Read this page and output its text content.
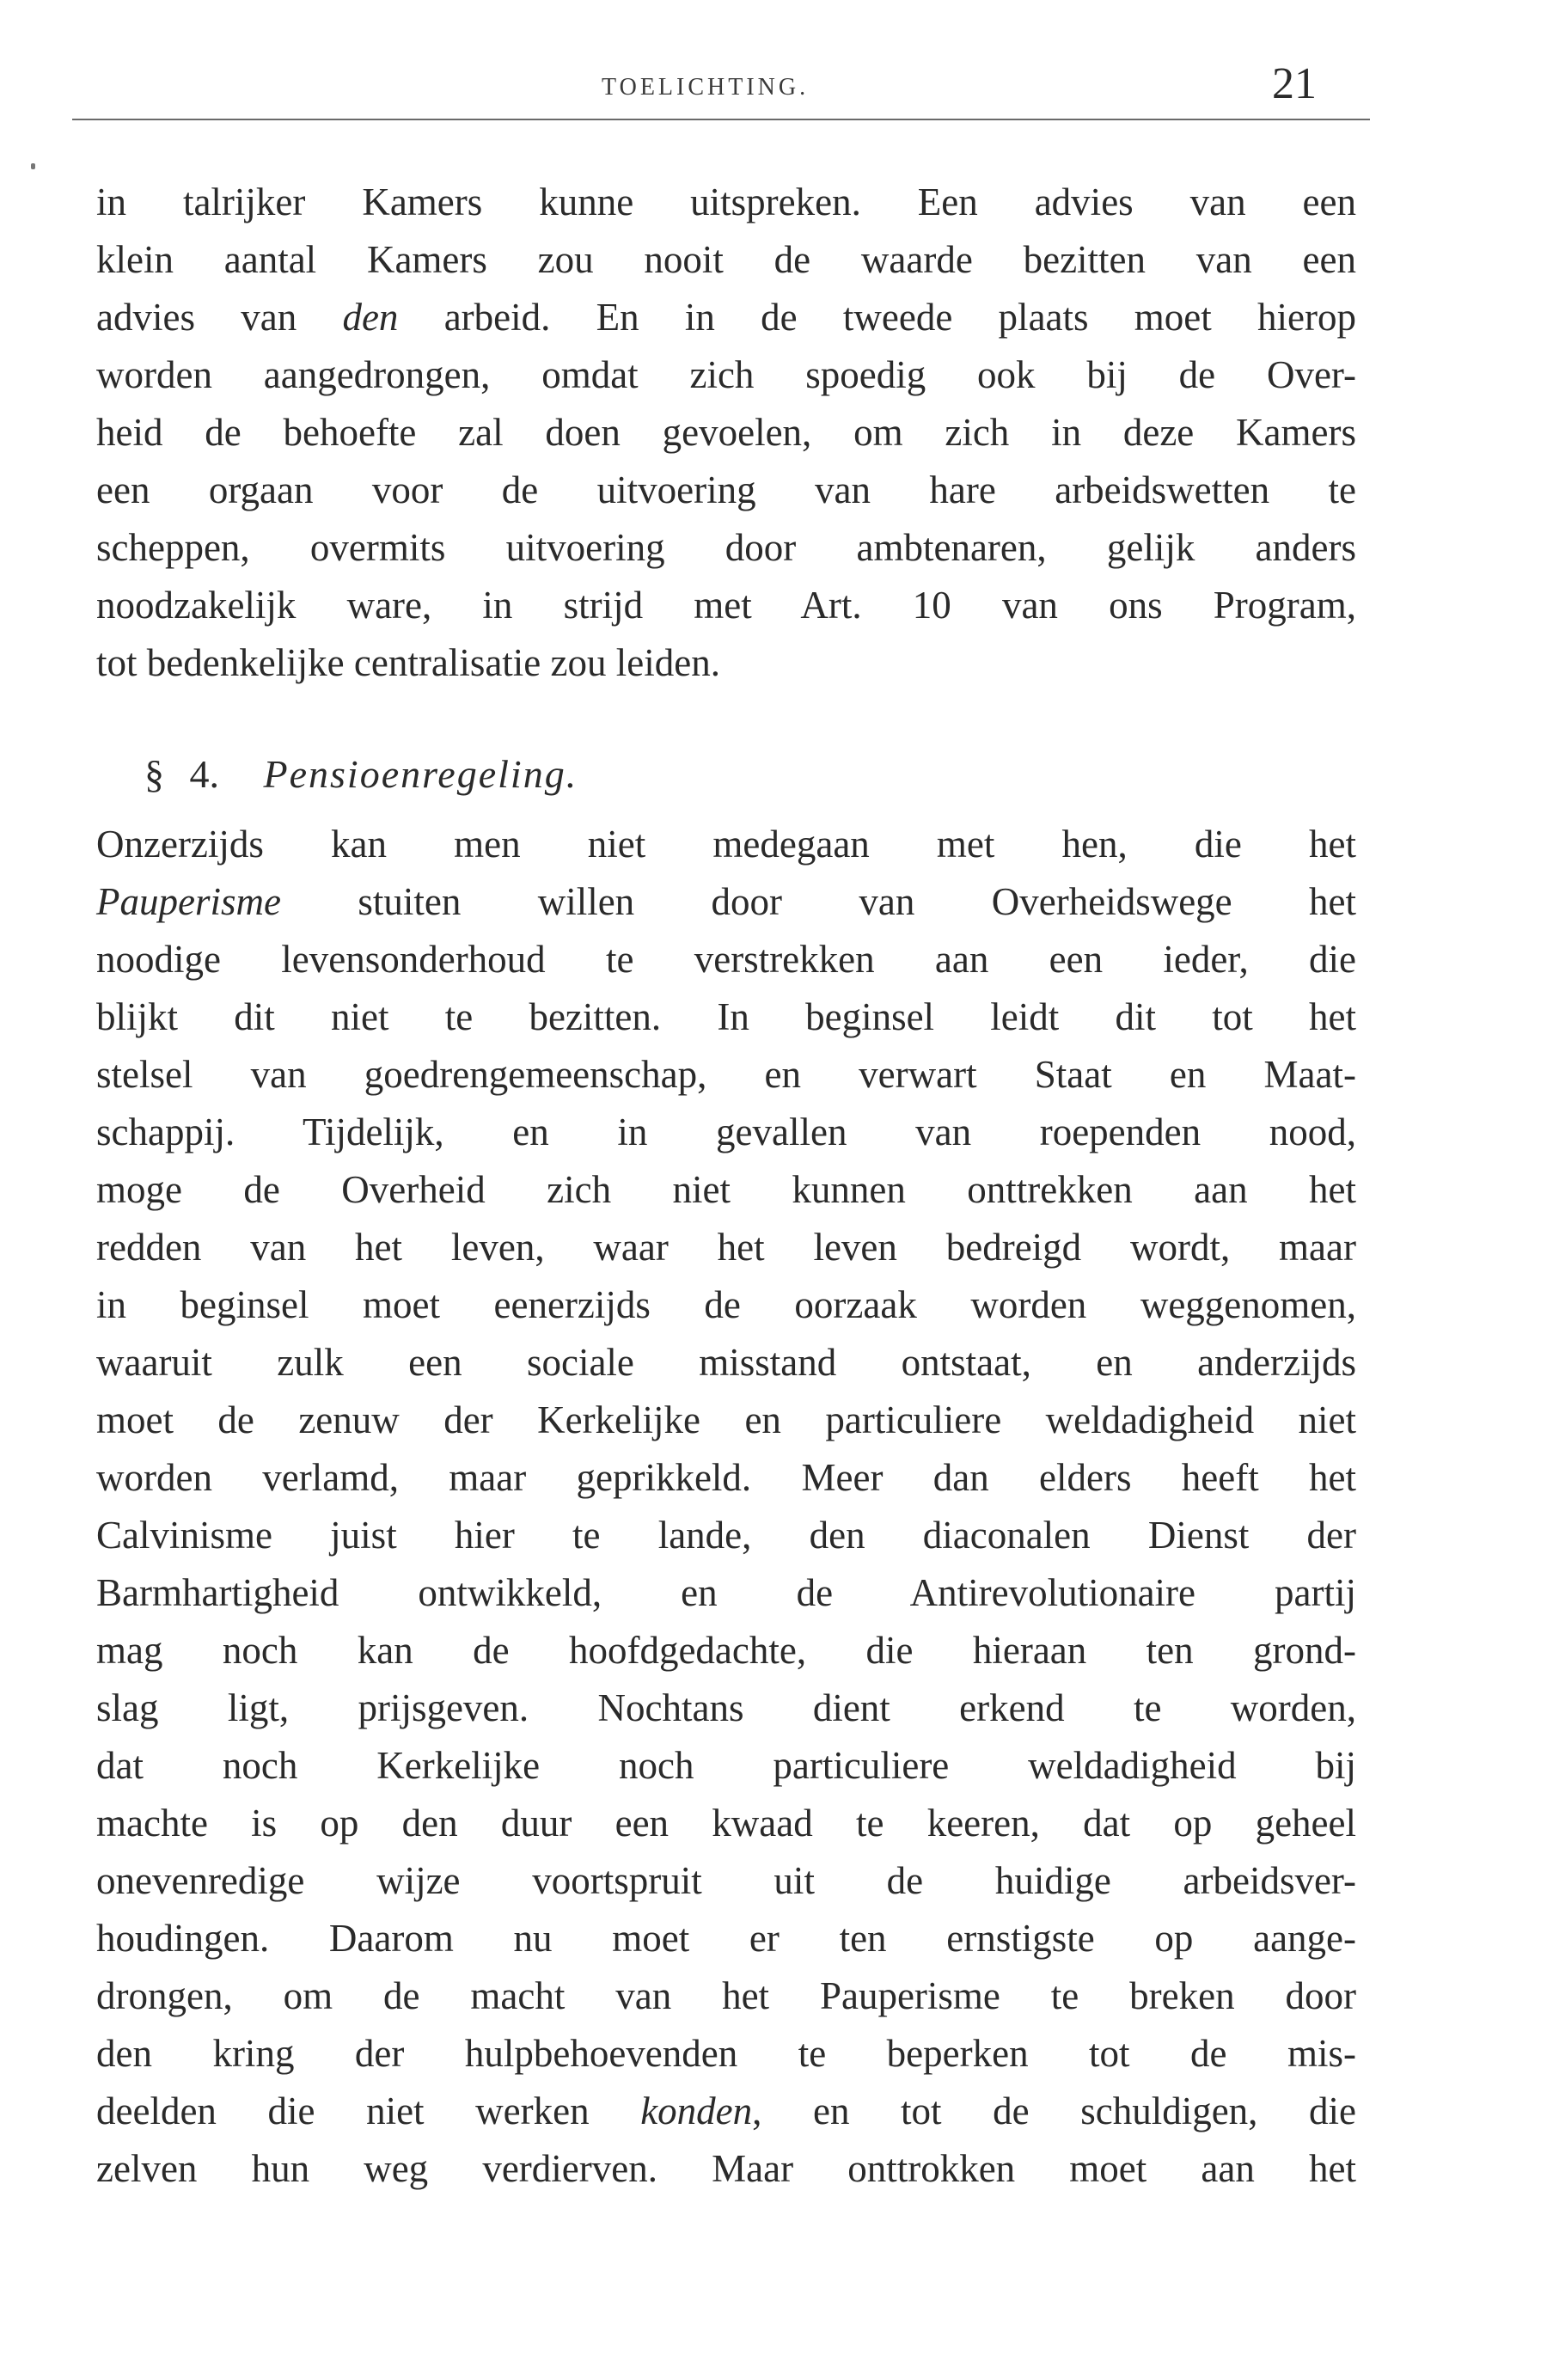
TOELICHTING.	21
in talrijker Kamers kunne uitspreken. Een advies van een
klein aantal Kamers zou nooit de waarde bezitten van een
advies van den arbeid. En in de tweede plaats moet hierop
worden aangedrongen, omdat zich spoedig ook bij de Over-
heid de behoefte zal doen gevoelen, om zich in deze Kamers
een orgaan voor de uitvoering van hare arbeidswetten te
scheppen, overmits uitvoering door ambtenaren, gelijk anders
noodzakelijk ware, in strijd met Art. 10 van ons Program,
tot bedenkelijke centralisatie zou leiden.
§ 4. Pensioenregeling.
Onzerzijds kan men niet medegaan met hen, die het
Pauperisme stuiten willen door van Overheidswege het
noodige levensonderhoud te verstrekken aan een ieder, die
blijkt dit niet te bezitten. In beginsel leidt dit tot het
stelsel van goedrengemeenschap, en verwart Staat en Maat-
schappij. Tijdelijk, en in gevallen van roependen nood,
moge de Overheid zich niet kunnen onttrekken aan het
redden van het leven, waar het leven bedreigd wordt, maar
in beginsel moet eenerzijds de oorzaak worden weggenomen,
waaruit zulk een sociale misstand ontstaat, en anderzijds
moet de zenuw der Kerkelijke en particuliere weldadigheid niet
worden verlamd, maar geprikkeld. Meer dan elders heeft het
Calvinisme juist hier te lande, den diaconalen Dienst der
Barmhartigheid ontwikkeld, en de Antirevolutionaire partij
mag noch kan de hoofdgedachte, die hieraan ten grond-
slag ligt, prijsgeven. Nochtans dient erkend te worden,
dat noch Kerkelijke noch particuliere weldadigheid bij
machte is op den duur een kwaad te keeren, dat op geheel
onevenredige wijze voortspruit uit de huidige arbeidsver-
houdingen. Daarom nu moet er ten ernstigste op aange-
drongen, om de macht van het Pauperisme te breken door
den kring der hulpbehoevenden te beperken tot de mis-
deelden die niet werken konden, en tot de schuldigen, die
zelven hun weg verdierven. Maar onttrokken moet aan het
